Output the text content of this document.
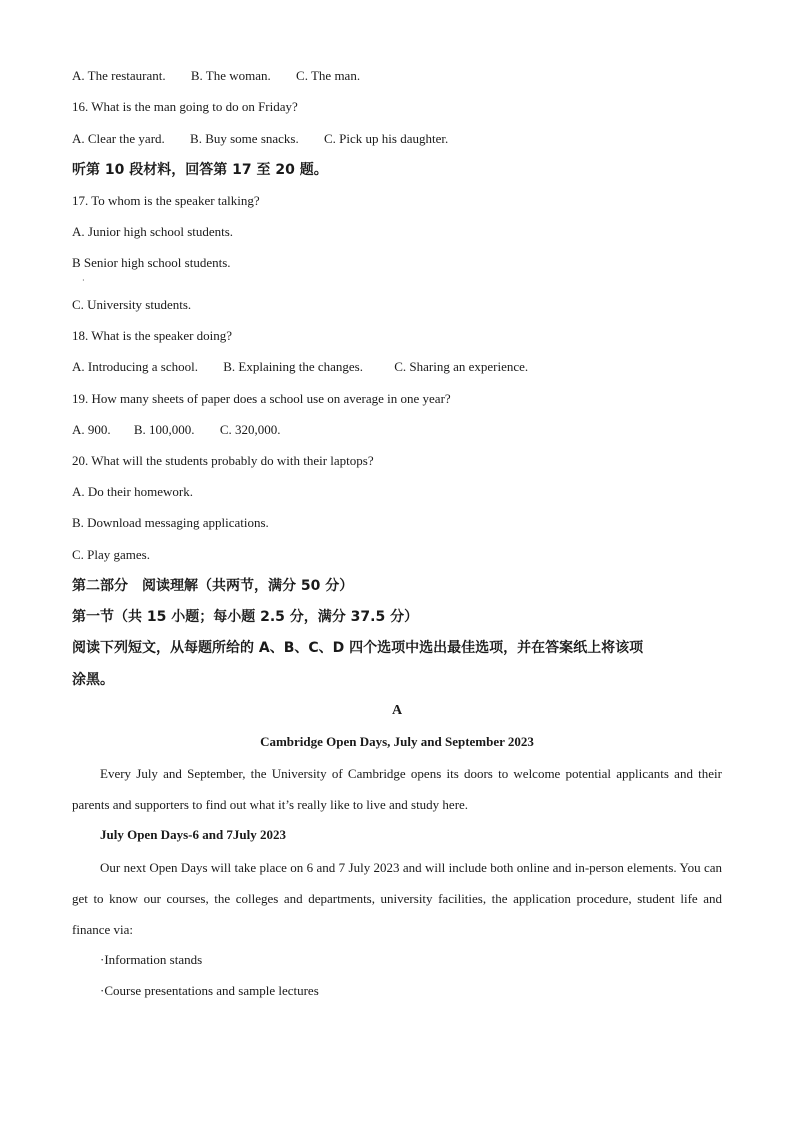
A. The restaurant. B. The woman. C. The man.
16. What is the man going to do on Friday?
A. Clear the yard. B. Buy some snacks. C. Pick up his daughter.
听第 10 段材料，回答第 17 至 20 题。
17. To whom is the speaker talking?
A. Junior high school students.
B Senior high school students.
·
C. University students.
18. What is the speaker doing?
A. Introducing a school. B. Explaining the changes. C. Sharing an experience.
19. How many sheets of paper does a school use on average in one year?
A. 900. B. 100,000. C. 320,000.
20. What will the students probably do with their laptops?
A. Do their homework.
B. Download messaging applications.
C. Play games.
第二部分　阅读理解（共两节，满分 50 分）
第一节（共 15 小题；每小题 2.5 分，满分 37.5 分）
阅读下列短文，从每题所给的 A、B、C、D 四个选项中选出最佳选项，并在答案纸上将该项
涂黑。
A
Cambridge Open Days, July and September 2023
Every July and September, the University of Cambridge opens its doors to welcome potential applicants and their parents and supporters to find out what it’s really like to live and study here.
July Open Days-6 and 7July 2023
Our next Open Days will take place on 6 and 7 July 2023 and will include both online and in-person elements. You can get to know our courses, the colleges and departments, university facilities, the application procedure, student life and finance via:
·Information stands
·Course presentations and sample lectures
